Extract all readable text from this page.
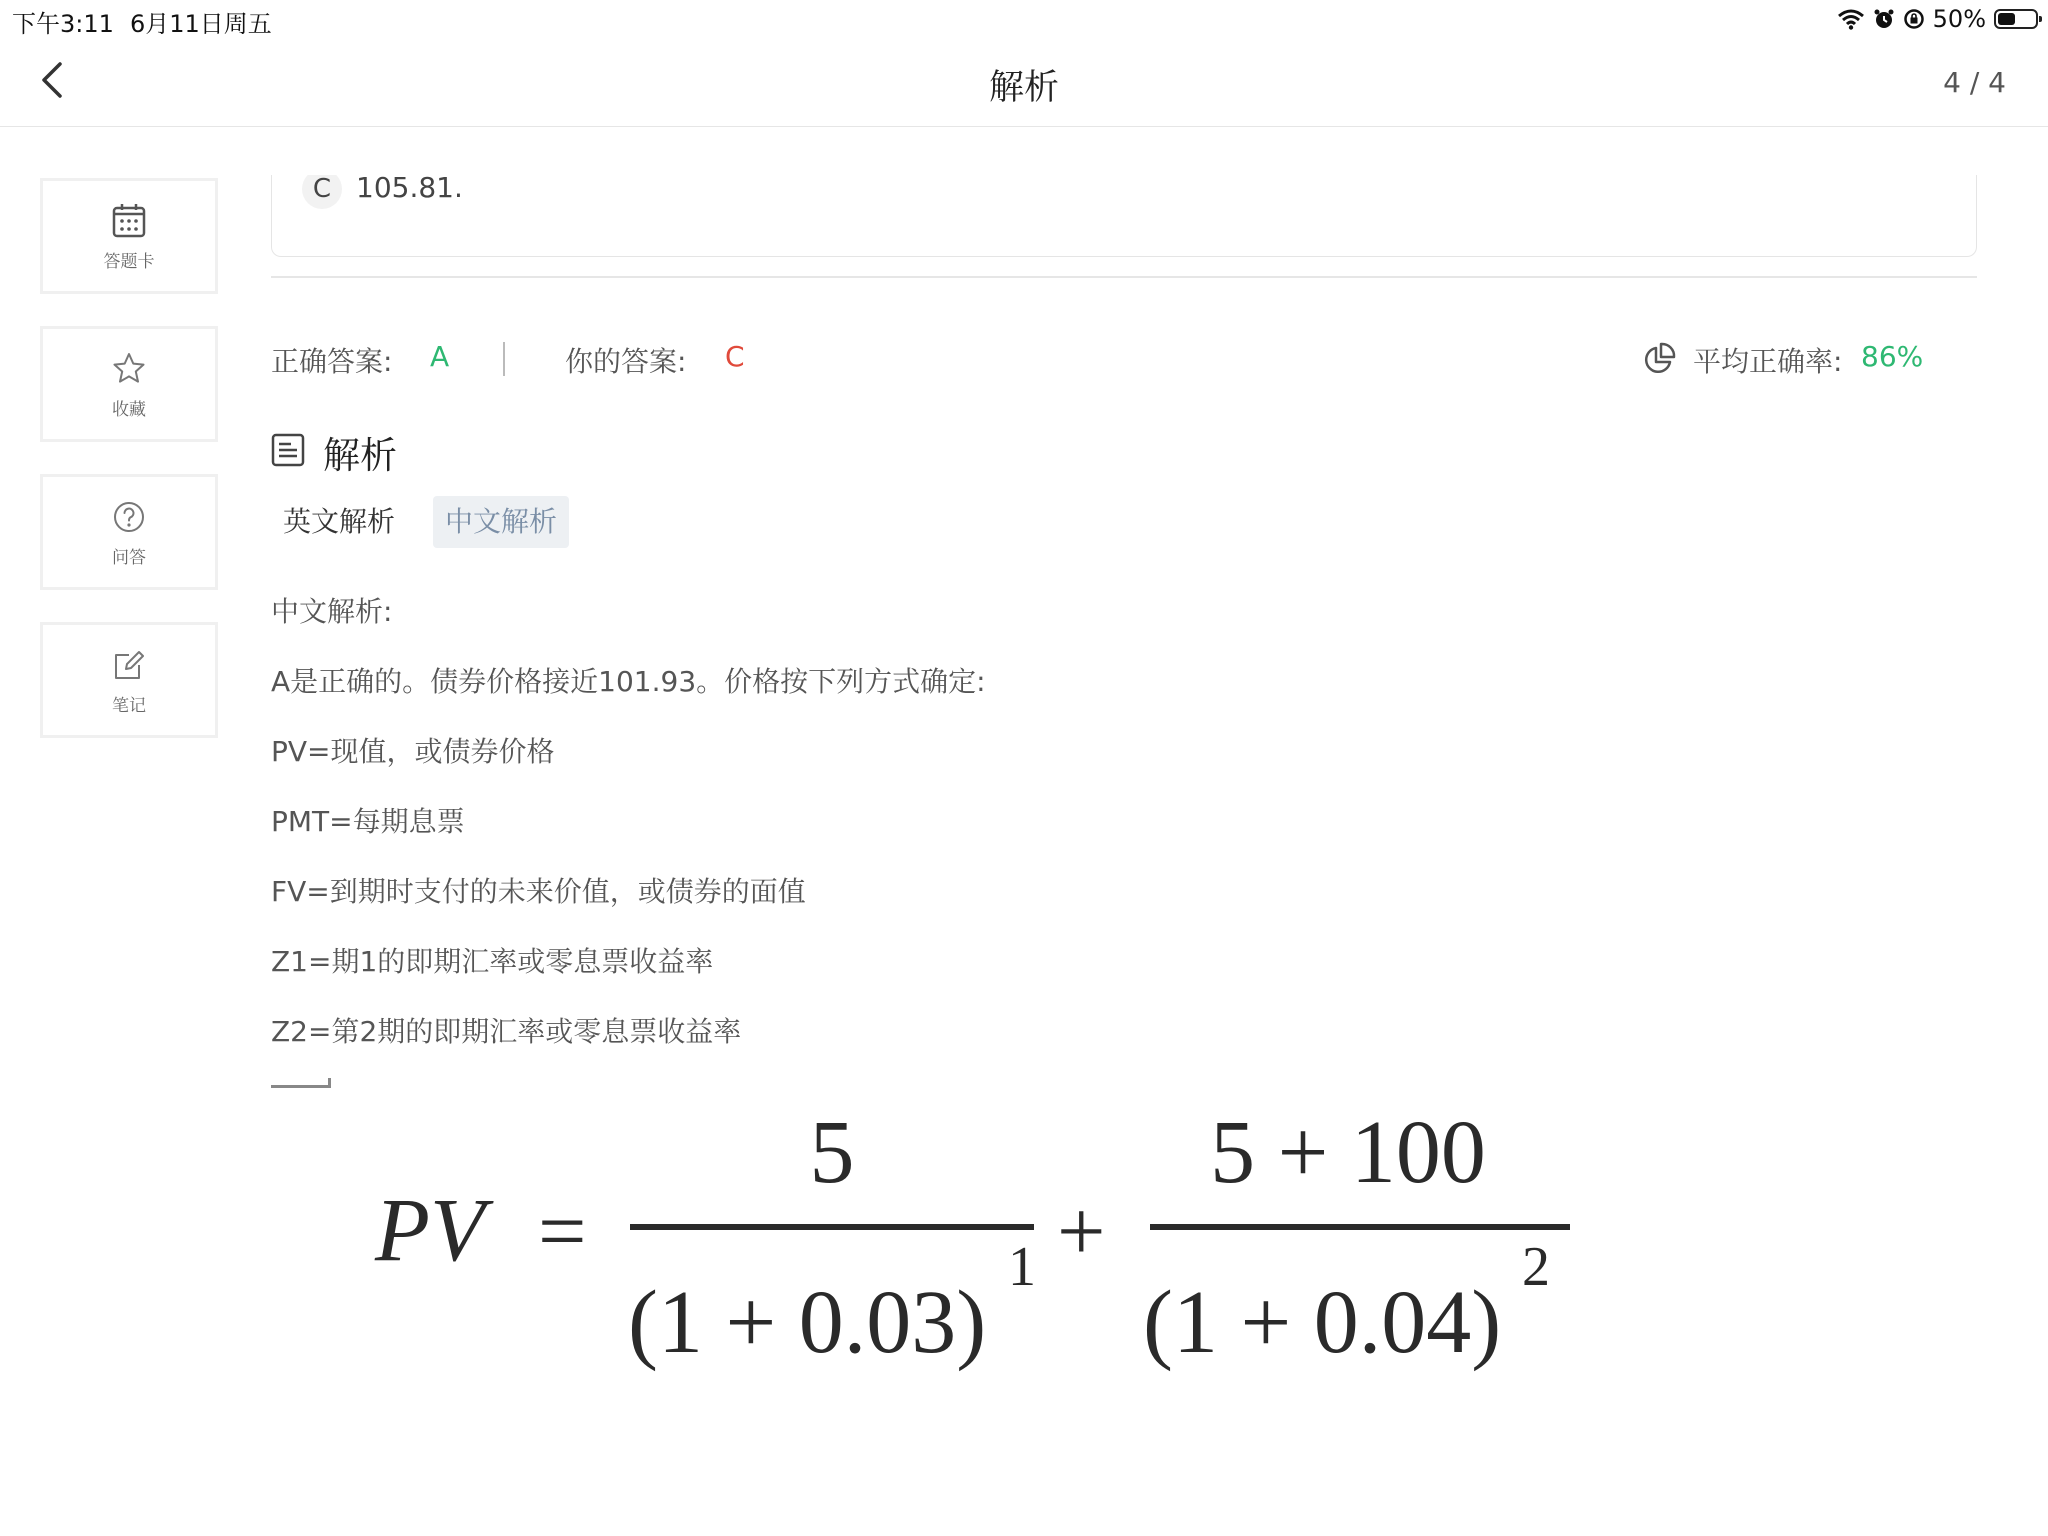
下午3:11 6月11日周五	50%
解析	4 / 4
答题卡
收藏
问答
笔记
C 105.81.
正确答案: A	你的答案: C	平均正确率: 86%
解析
英文解析	中文解析
中文解析:
A是正确的。债券价格接近101.93。价格按下列方式确定:
PV=现值，或债券价格
PMT=每期息票
FV=到期时支付的未来价值，或债券的面值
Z1=期1的即期汇率或零息票收益率
Z2=第2期的即期汇率或零息票收益率
PV =
5
(1 + 0.03)
1 +
5 + 100
(1 + 0.04)
2
